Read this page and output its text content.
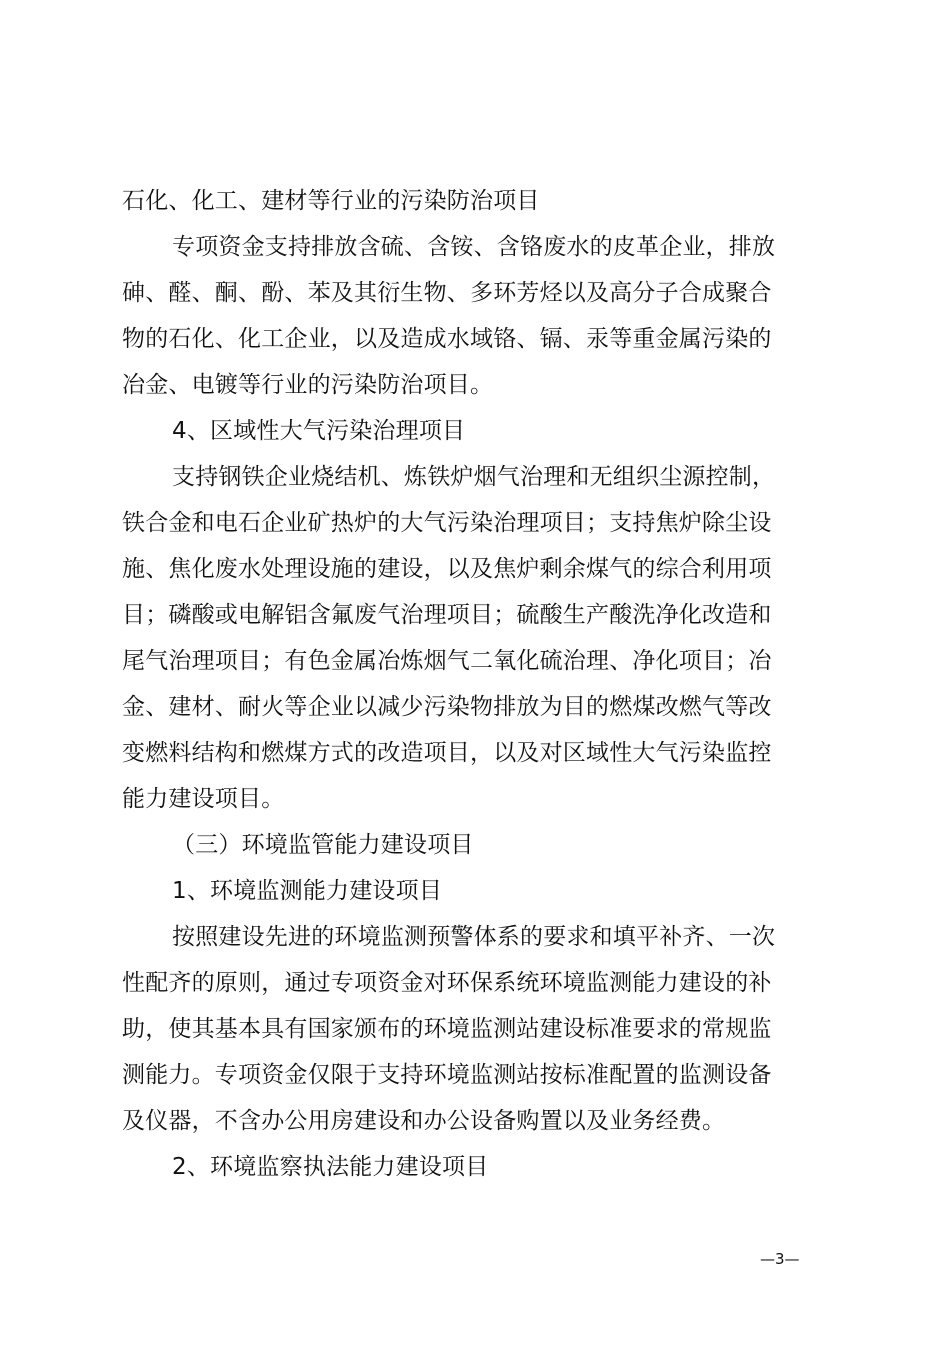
石化、化工、建材等行业的污染防治项目
专项资金支持排放含硫、含铵、含铬废水的皮革企业，排放
砷、醛、酮、酚、苯及其衍生物、多环芳烃以及高分子合成聚合
物的石化、化工企业，以及造成水域铬、镉、汞等重金属污染的
冶金、电镀等行业的污染防治项目。
4、区域性大气污染治理项目
支持钢铁企业烧结机、炼铁炉烟气治理和无组织尘源控制，
铁合金和电石企业矿热炉的大气污染治理项目；支持焦炉除尘设
施、焦化废水处理设施的建设，以及焦炉剩余煤气的综合利用项
目；磷酸或电解铝含氟废气治理项目；硫酸生产酸洗净化改造和
尾气治理项目；有色金属冶炼烟气二氧化硫治理、净化项目；冶
金、建材、耐火等企业以减少污染物排放为目的燃煤改燃气等改
变燃料结构和燃煤方式的改造项目，以及对区域性大气污染监控
能力建设项目。
（三）环境监管能力建设项目
1、环境监测能力建设项目
按照建设先进的环境监测预警体系的要求和填平补齐、一次
性配齐的原则，通过专项资金对环保系统环境监测能力建设的补
助，使其基本具有国家颁布的环境监测站建设标准要求的常规监
测能力。专项资金仅限于支持环境监测站按标准配置的监测设备
及仪器，不含办公用房建设和办公设备购置以及业务经费。
2、环境监察执法能力建设项目
—3—
